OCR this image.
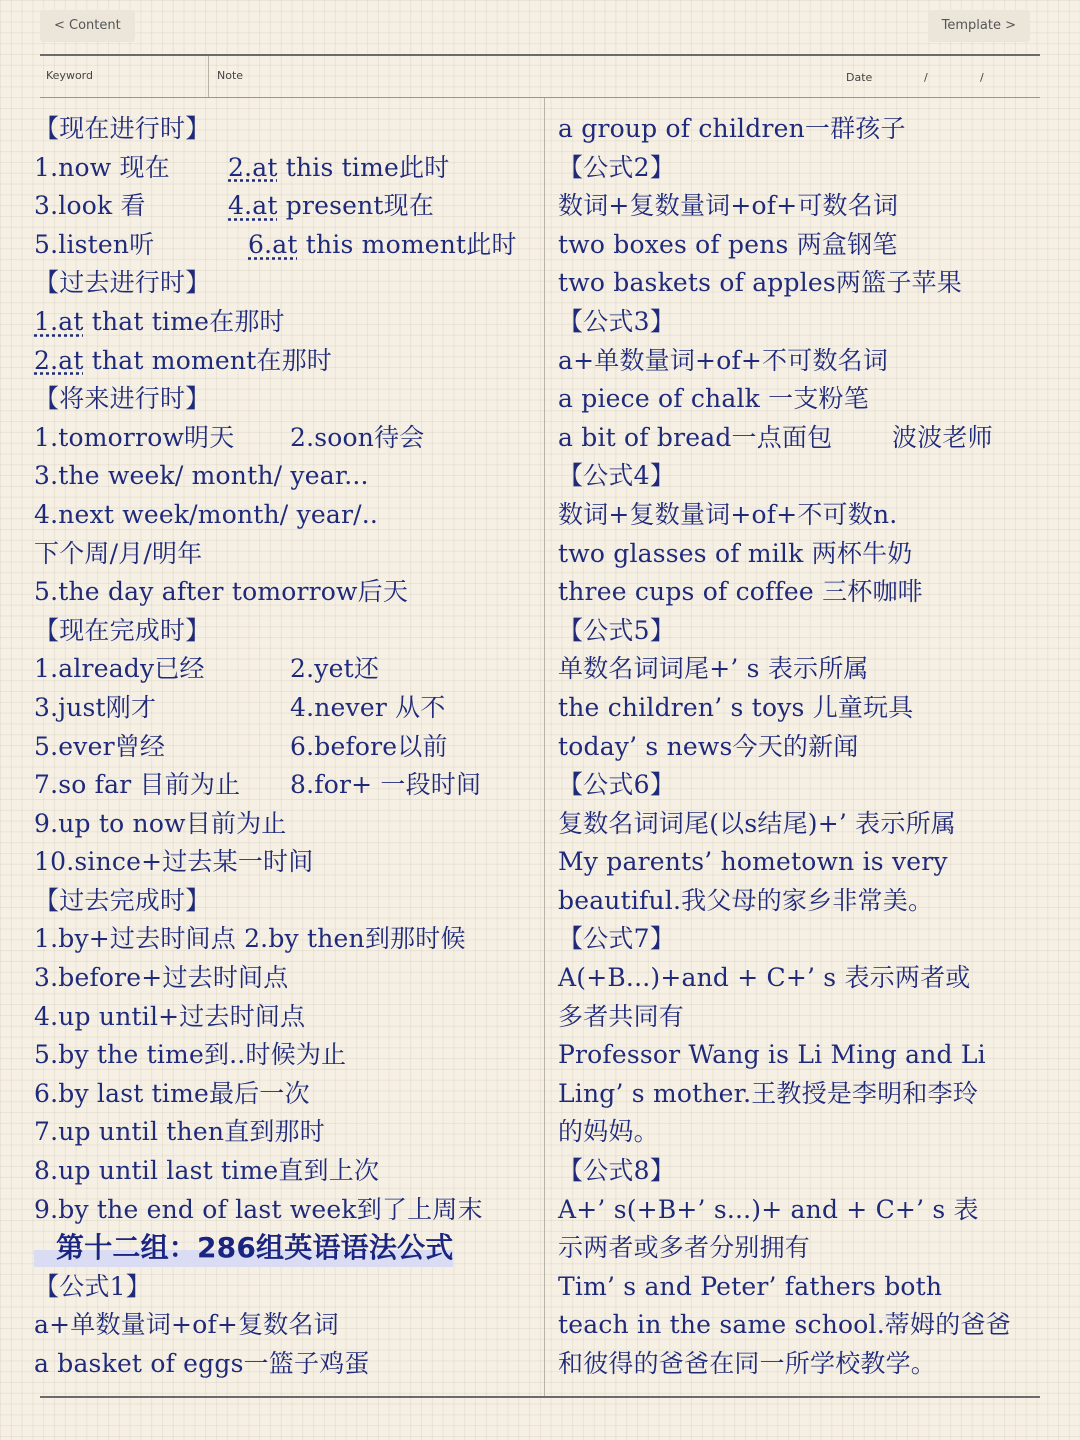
< Content	Template >
Keyword	Note	Date	/	/
【现在进行时】
1.now 现在 2.at this time此时
3.look 看	4.at present现在
5.listen听	6.at this moment此时
【过去进行时】
1.at that time在那时
2.at that moment在那时
【将来进行时】
1.tomorrow明天 2.soon待会
3.the week/ month/ year...
4.next week/month/ year/..
下个周/月/明年
5.the day after tomorrow后天
【现在完成时】
1.already已经	2.yet还
3.just刚才	4.never 从不
5.ever曾经	6.before以前
7.so far 目前为止 8.for+ 一段时间
9.up to now目前为止
10.since+过去某一时间
【过去完成时】
1.by+过去时间点 2.by then到那时候
3.before+过去时间点
4.up until+过去时间点
5.by the time到..时候为止
6.by last time最后一次
7.up until then直到那时
8.up until last time直到上次
9.by the end of last week到了上周末
第十二组：286组英语语法公式
【公式1】
a+单数量词+of+复数名词
a basket of eggs一篮子鸡蛋
a group of children一群孩子
【公式2】
数词+复数量词+of+可数名词
two boxes of pens 两盒钢笔
two baskets of apples两篮子苹果
【公式3】
a+单数量词+of+不可数名词
a piece of chalk 一支粉笔
a bit of bread一点面包 波波老师
【公式4】
数词+复数量词+of+不可数n.
two glasses of milk 两杯牛奶
three cups of coffee 三杯咖啡
【公式5】
单数名词词尾+’ s 表示所属
the children’ s toys 儿童玩具
today’ s news今天的新闻
【公式6】
复数名词词尾(以s结尾)+’ 表示所属
My parents’ hometown is very
beautiful.我父母的家乡非常美。
【公式7】
A(+B...)+and + C+’ s 表示两者或
多者共同有
Professor Wang is Li Ming and Li
Ling’ s mother.王教授是李明和李玲
的妈妈。
【公式8】
A+’ s(+B+’ s...)+ and + C+’ s 表
示两者或多者分别拥有
Tim’ s and Peter’ fathers both
teach in the same school.蒂姆的爸爸
和彼得的爸爸在同一所学校教学。
